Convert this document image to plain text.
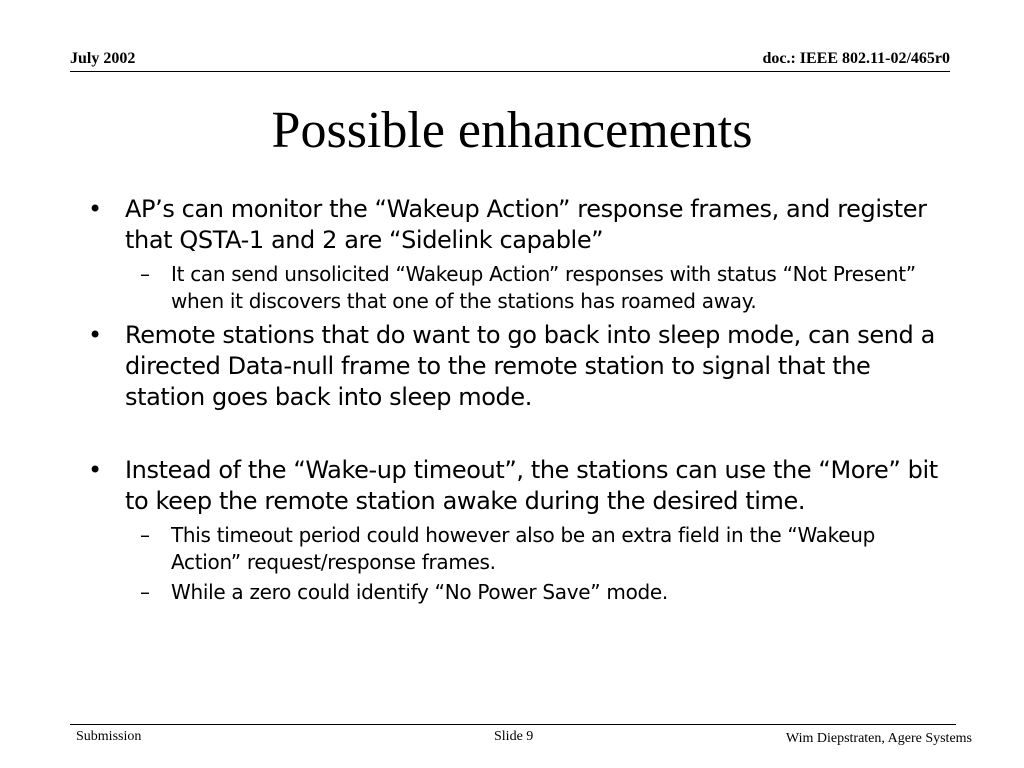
July 2002	doc.: IEEE 802.11-02/465r0
Possible enhancements
• AP’s can monitor the “Wakeup Action” response frames, and register that QSTA-1 and 2 are “Sidelink capable”
– It can send unsolicited “Wakeup Action” responses with status “Not Present” when it discovers that one of the stations has roamed away.
• Remote stations that do want to go back into sleep mode, can send a directed Data-null frame to the remote station to signal that the station goes back into sleep mode.
• Instead of the “Wake-up timeout”, the stations can use the “More” bit to keep the remote station awake during the desired time.
– This timeout period could however also be an extra field in the “Wakeup Action” request/response frames.
– While a zero could identify “No Power Save” mode.
Submission	Slide 9	Wim Diepstraten, Agere Systems
